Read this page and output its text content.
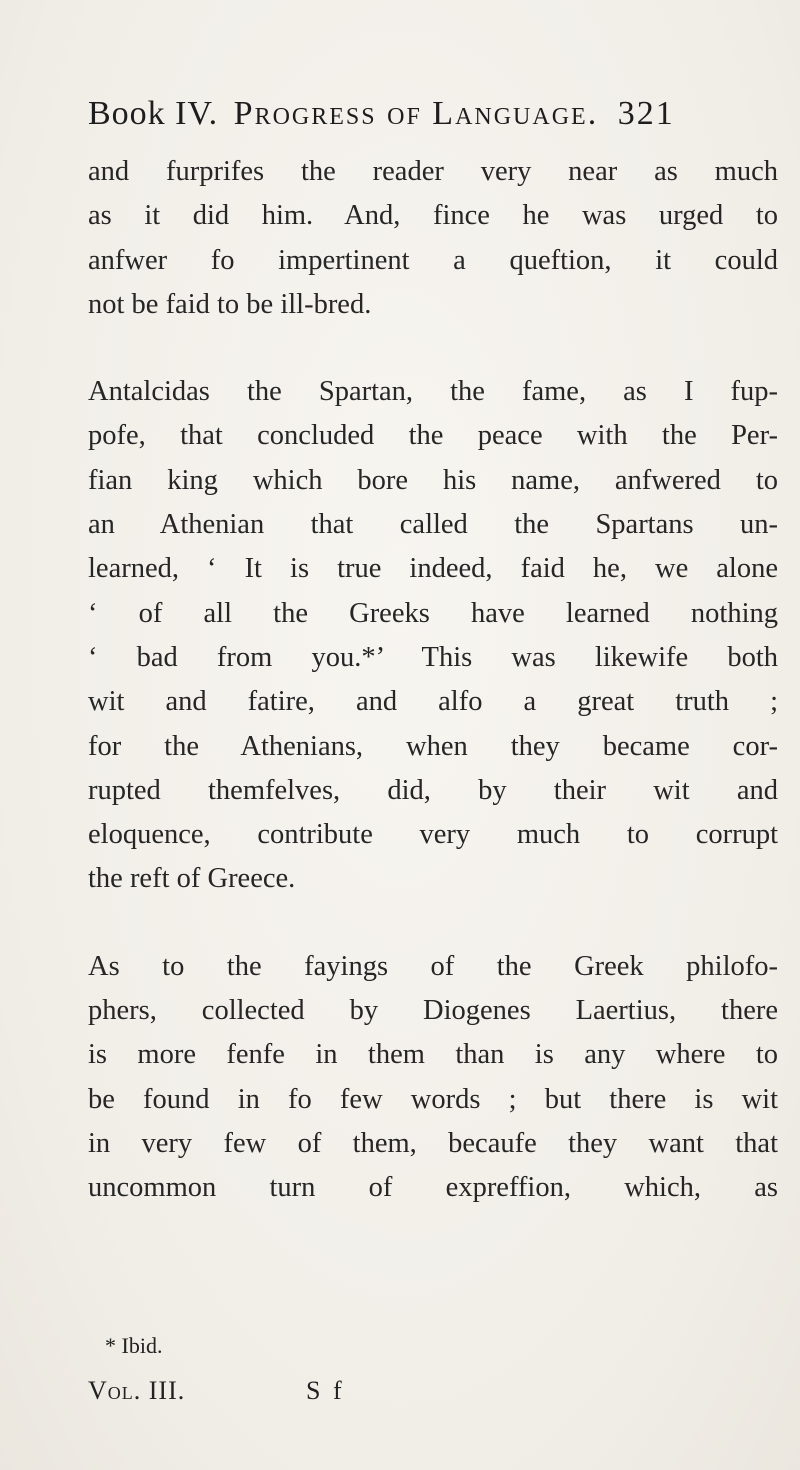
Book IV. Progress of Language. 321
and furprifes the reader very near as much
as it did him. And, fince he was urged to
anfwer fo impertinent a queftion, it could
not be faid to be ill-bred.
Antalcidas the Spartan, the fame, as I fup-
pofe, that concluded the peace with the Per-
fian king which bore his name, anfwered to
an Athenian that called the Spartans un-
learned, ‘ It is true indeed, faid he, we alone
‘ of all the Greeks have learned nothing
‘ bad from you.*’ This was likewife both
wit and fatire, and alfo a great truth ;
for the Athenians, when they became cor-
rupted themfelves, did, by their wit and
eloquence, contribute very much to corrupt
the reft of Greece.
As to the fayings of the Greek philofo-
phers, collected by Diogenes Laertius, there
is more fenfe in them than is any where to
be found in fo few words ; but there is wit
in very few of them, becaufe they want that
uncommon turn of expreffion, which, as
* Ibid.
Vol. III.	S f
